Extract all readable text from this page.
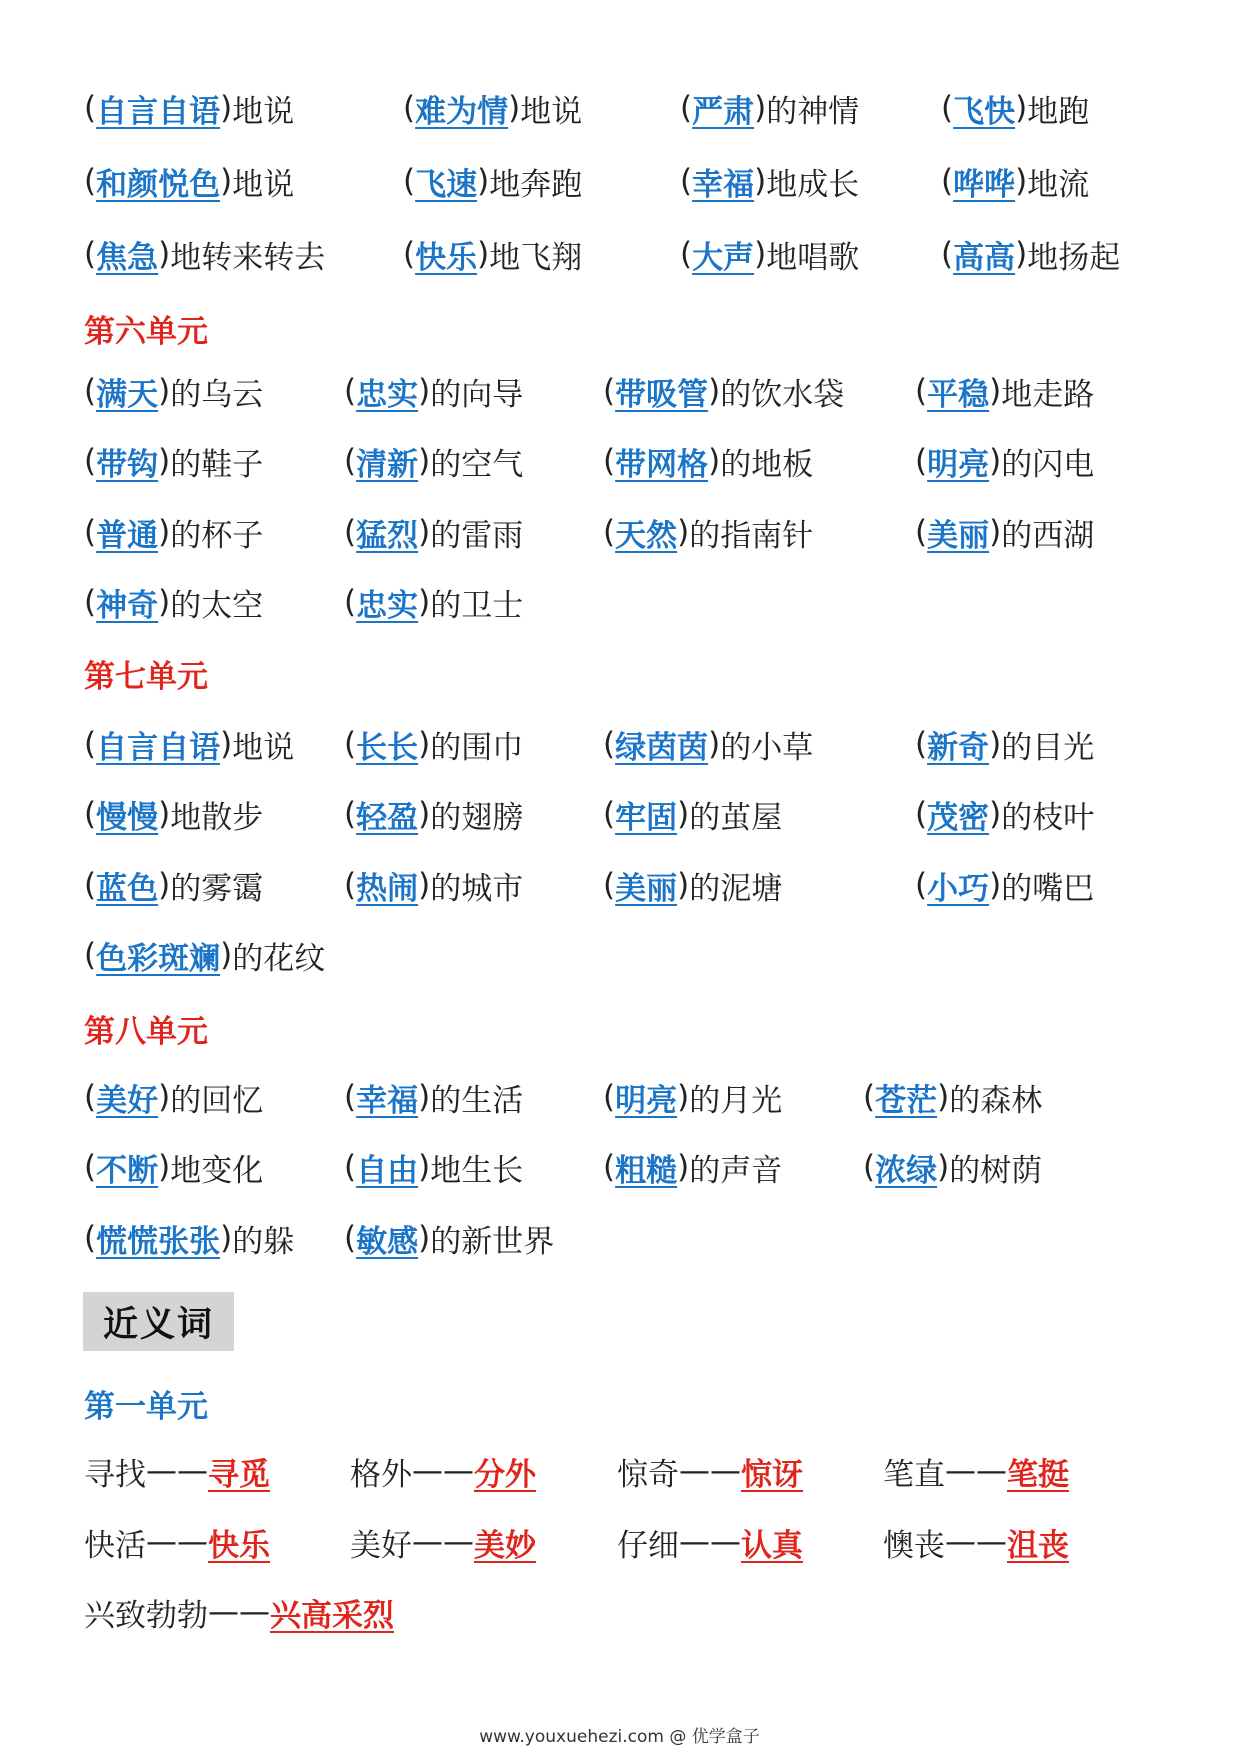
( 自言自语 ) 地说	( 难为情 ) 地说	( 严肃 ) 的神情	( 飞快 ) 地跑
( 和颜悦色 ) 地说	( 飞速 ) 地奔跑	( 幸福 ) 地成长	( 哗哗 ) 地流
( 焦急 ) 地转来转去	( 快乐 ) 地飞翔	( 大声 ) 地唱歌	( 高高 ) 地扬起
第六单元
( 满天 ) 的乌云	( 忠实 ) 的向导	( 带吸管 ) 的饮水袋 ( 平稳 ) 地走路
( 带钩 ) 的鞋子	( 清新 ) 的空气	( 带网格 ) 的地板	( 明亮 ) 的闪电
( 普通 ) 的杯子	( 猛烈 ) 的雷雨	( 天然 ) 的指南针	( 美丽 ) 的西湖
( 神奇 ) 的太空	( 忠实 ) 的卫士
第七单元
( 自言自语 ) 地说 ( 长长 ) 的围巾	( 绿茵茵 ) 的小草	( 新奇 ) 的目光
( 慢慢 ) 地散步	( 轻盈 ) 的翅膀	( 牢固 ) 的茧屋	( 茂密 ) 的枝叶
( 蓝色 ) 的雾霭	( 热闹 ) 的城市	( 美丽 ) 的泥塘	( 小巧 ) 的嘴巴
( 色彩斑斓 ) 的花纹
第八单元
( 美好 ) 的回忆	( 幸福 ) 的生活	( 明亮 ) 的月光	( 苍茫 ) 的森林
( 不断 ) 地变化	( 自由 ) 地生长	( 粗糙 ) 的声音	( 浓绿 ) 的树荫
( 慌慌张张 ) 的躲 ( 敏感 ) 的新世界
近义词
第一单元
寻找 —— 寻觅	格外 —— 分外	惊奇 —— 惊讶	笔直 —— 笔挺
快活 —— 快乐	美好 —— 美妙	仔细 —— 认真	懊丧 —— 沮丧
兴致勃勃 —— 兴高采烈
www.youxuehezi.com @ 优学盒子
